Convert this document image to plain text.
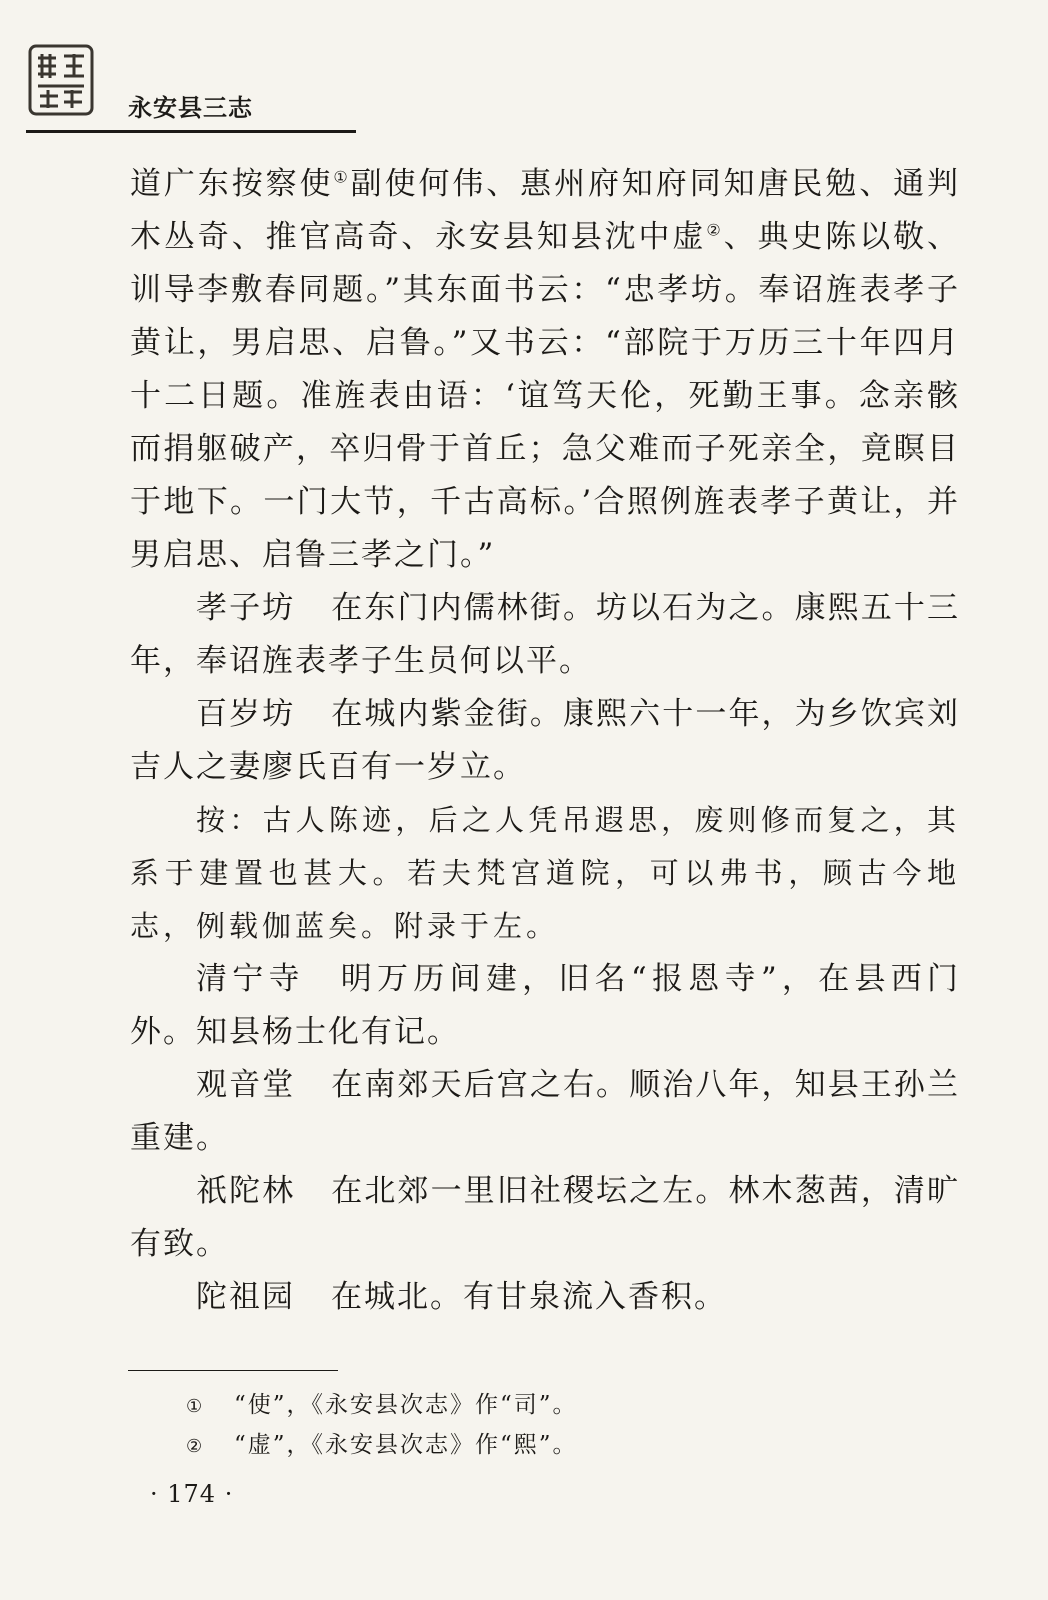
永安县三志

道广东按察使①副使何伟、惠州府知府同知唐民勉、通判木丛奇、推官高奇、永安县知县沈中虚②、典史陈以敬、训导李敷春同题。”其东面书云：“忠孝坊。奉诏旌表孝子黄让，男启思、启鲁。”又书云：“部院于万历三十年四月十二日题。准旌表由语：‘谊笃天伦，死勤王事。念亲骸而捐躯破产，卒归骨于首丘；急父难而子死亲全，竟瞑目于地下。一门大节，千古高标。’合照例旌表孝子黄让，并男启思、启鲁三孝之门。”

孝子坊 在东门内儒林街。坊以石为之。康熙五十三年，奉诏旌表孝子生员何以平。

百岁坊 在城内紫金街。康熙六十一年，为乡饮宾刘吉人之妻廖氏百有一岁立。

按：古人陈迹，后之人凭吊遐思，废则修而复之，其系于建置也甚大。若夫梵宫道院，可以弗书，顾古今地志，例载伽蓝矣。附录于左。

清宁寺 明万历间建，旧名“报恩寺”，在县西门外。知县杨士化有记。

观音堂 在南郊天后宫之右。顺治八年，知县王孙兰重建。

祇陀林 在北郊一里旧社稷坛之左。林木葱茜，清旷有致。

陀祖园 在城北。有甘泉流入香积。

① “使”，《永安县次志》作“司”。
② “虚”，《永安县次志》作“熙”。
· 174 ·
